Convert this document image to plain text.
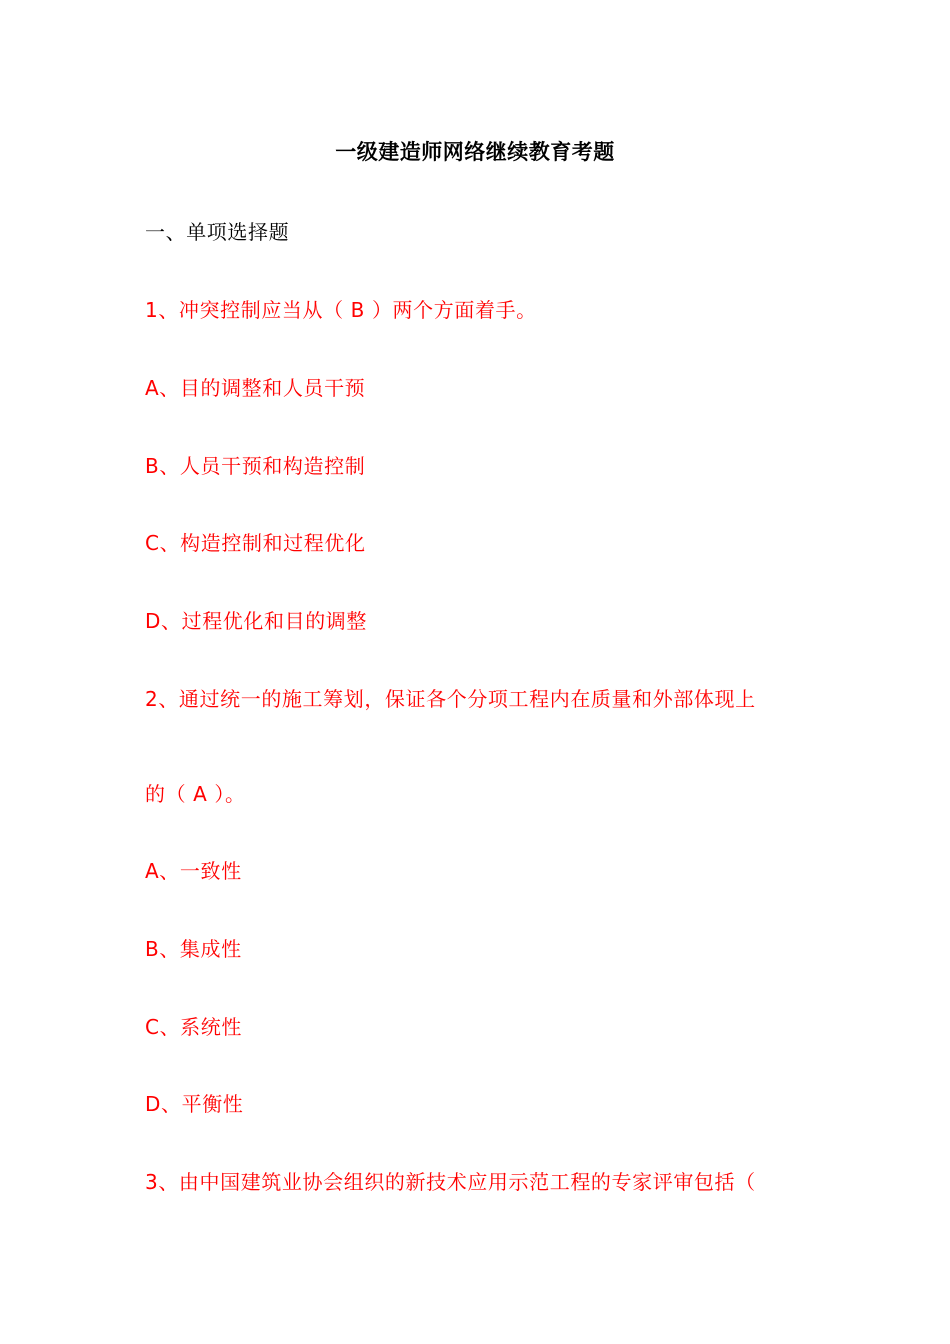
一级建造师网络继续教育考题
一、单项选择题
1、冲突控制应当从（ B ）两个方面着手。
A、目的调整和人员干预
B、人员干预和构造控制
C、构造控制和过程优化
D、过程优化和目的调整
2、通过统一的施工筹划，保证各个分项工程内在质量和外部体现上
的（ A ）。
A、一致性
B、集成性
C、系统性
D、平衡性
3、由中国建筑业协会组织的新技术应用示范工程的专家评审包括（
